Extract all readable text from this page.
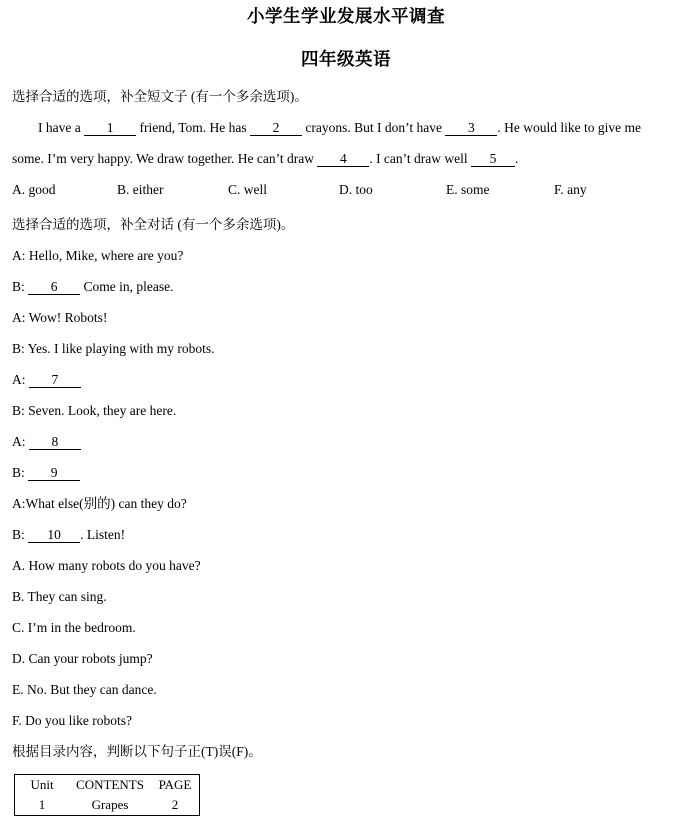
小学生学业发展水平调查
四年级英语
选择合适的选项，补全短文子 (有一个多余选项)。
I have a 1 friend, Tom. He has 2 crayons. But I don’t have 3 . He would like to give me
some. I’m very happy. We draw together. He can’t draw 4 . I can’t draw well 5 .
A. good	B. either	C. well	D. too	E. some	F. any
选择合适的选项，补全对话 (有一个多余选项)。
A: Hello, Mike, where are you?
B: 6 Come in, please.
A: Wow! Robots!
B: Yes. I like playing with my robots.
A: 7
B: Seven. Look, they are here.
A: 8
B: 9
A:What else(别的) can they do?
B: 10 . Listen!
A. How many robots do you have?
B. They can sing.
C. I’m in the bedroom.
D. Can your robots jump?
E. No. But they can dance.
F. Do you like robots?
根据目录内容，判断以下句子正(T)误(F)。
Unit	CONTENTS	PAGE
1	Grapes	2
